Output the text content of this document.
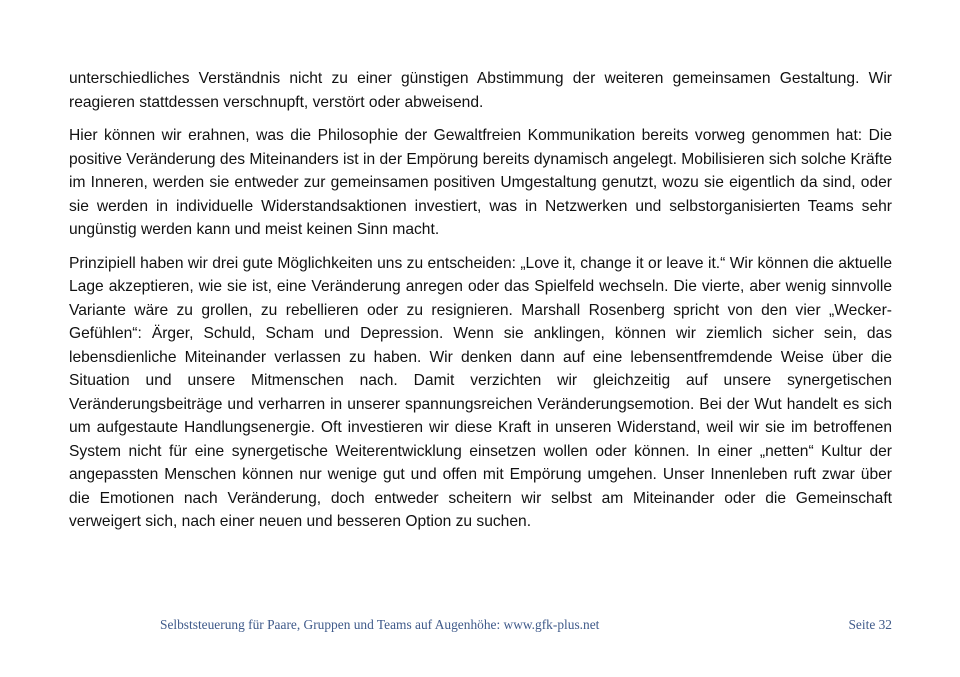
unterschiedliches Verständnis nicht zu einer günstigen Abstimmung der weiteren gemeinsamen Gestaltung. Wir reagieren stattdessen verschnupft, verstört oder abweisend.

Hier können wir erahnen, was die Philosophie der Gewaltfreien Kommunikation bereits vorweg genommen hat: Die positive Veränderung des Miteinanders ist in der Empörung bereits dynamisch angelegt. Mobilisieren sich solche Kräfte im Inneren, werden sie entweder zur gemeinsamen positiven Umgestaltung genutzt, wozu sie eigentlich da sind, oder sie werden in individuelle Widerstandsaktionen investiert, was in Netzwerken und selbstorganisierten Teams sehr ungünstig werden kann und meist keinen Sinn macht.

Prinzipiell haben wir drei gute Möglichkeiten uns zu entscheiden: „Love it, change it or leave it.“ Wir können die aktuelle Lage akzeptieren, wie sie ist, eine Veränderung anregen oder das Spielfeld wechseln. Die vierte, aber wenig sinnvolle Variante wäre zu grollen, zu rebellieren oder zu resignieren. Marshall Rosenberg spricht von den vier „Wecker-Gefühlen“: Ärger, Schuld, Scham und Depression. Wenn sie anklingen, können wir ziemlich sicher sein, das lebensdienliche Miteinander verlassen zu haben. Wir denken dann auf eine lebensentfremdende Weise über die Situation und unsere Mitmenschen nach. Damit verzichten wir gleichzeitig auf unsere synergetischen Veränderungsbeiträge und verharren in unserer spannungsreichen Veränderungsemotion. Bei der Wut handelt es sich um aufgestaute Handlungsenergie. Oft investieren wir diese Kraft in unseren Widerstand, weil wir sie im betroffenen System nicht für eine synergetische Weiterentwicklung einsetzen wollen oder können. In einer „netten“ Kultur der angepassten Menschen können nur wenige gut und offen mit Empörung umgehen. Unser Innenleben ruft zwar über die Emotionen nach Veränderung, doch entweder scheitern wir selbst am Miteinander oder die Gemeinschaft verweigert sich, nach einer neuen und besseren Option zu suchen.

Selbststeuerung für Paare, Gruppen und Teams auf Augenhöhe: www.gfk-plus.net	Seite 32
